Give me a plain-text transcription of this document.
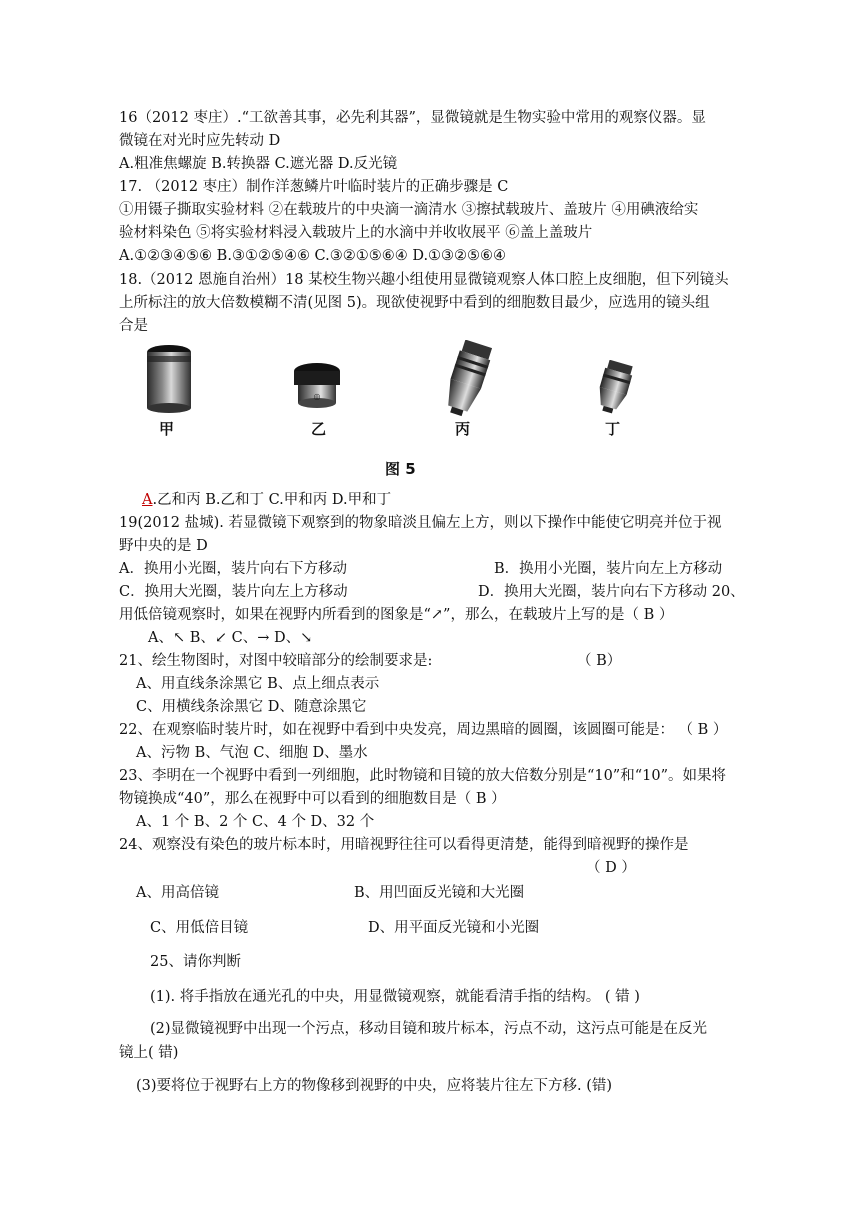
16（2012 枣庄）.“工欲善其事，必先利其器”，显微镜就是生物实验中常用的观察仪器。显
微镜在对光时应先转动 D
A.粗准焦螺旋 B.转换器 C.遮光器 D.反光镜
17. （2012 枣庄）制作洋葱鳞片叶临时装片的正确步骤是 C
①用镊子撕取实验材料 ②在载玻片的中央滴一滴清水 ③擦拭载玻片、盖玻片 ④用碘液给实
验材料染色 ⑤将实验材料浸入载玻片上的水滴中并收收展平 ⑥盖上盖玻片
A.①②③④⑤⑥ B.③①②⑤④⑥ C.③②①⑤⑥④ D.①③②⑤⑥④
18.（2012 恩施自治州）18 某校生物兴趣小组使用显微镜观察人体口腔上皮细胞，但下列镜头
上所标注的放大倍数模糊不清(见图 5)。现欲使视野中看到的细胞数目最少，应选用的镜头组
合是
甲
◎
乙	丙	丁
图 5
A.乙和丙 B.乙和丁 C.甲和丙 D.甲和丁
19(2012 盐城). 若显微镜下观察到的物象暗淡且偏左上方，则以下操作中能使它明亮并位于视
野中央的是 D
A．换用小光圈，装片向右下方移动	B．换用小光圈，装片向左上方移动
C．换用大光圈，装片向左上方移动	D．换用大光圈，装片向右下方移动 20、
用低倍镜观察时，如果在视野内所看到的图象是“↗”，那么，在载玻片上写的是（ B ）
A、↖ B、↙ C、→ D、↘
21、绘生物图时，对图中较暗部分的绘制要求是:	（ B）
A、用直线条涂黑它 B、点上细点表示
C、用横线条涂黑它 D、随意涂黑它
22、在观察临时装片时，如在视野中看到中央发亮，周边黑暗的圆圈，该圆圈可能是： （ B ）
A、污物 B、气泡 C、细胞 D、墨水
23、李明在一个视野中看到一列细胞，此时物镜和目镜的放大倍数分别是“10”和“10”。如果将
物镜换成“40”，那么在视野中可以看到的细胞数目是（ B ）
A、1 个 B、2 个 C、4 个 D、32 个
24、观察没有染色的玻片标本时，用暗视野往往可以看得更清楚，能得到暗视野的操作是
（ D ）
A、用高倍镜	B、用凹面反光镜和大光圈
C、用低倍目镜	D、用平面反光镜和小光圈
25、请你判断
(1). 将手指放在通光孔的中央，用显微镜观察，就能看清手指的结构。 ( 错 )
(2)显微镜视野中出现一个污点，移动目镜和玻片标本，污点不动，这污点可能是在反光
镜上( 错)
(3)要将位于视野右上方的物像移到视野的中央，应将装片往左下方移. (错)
